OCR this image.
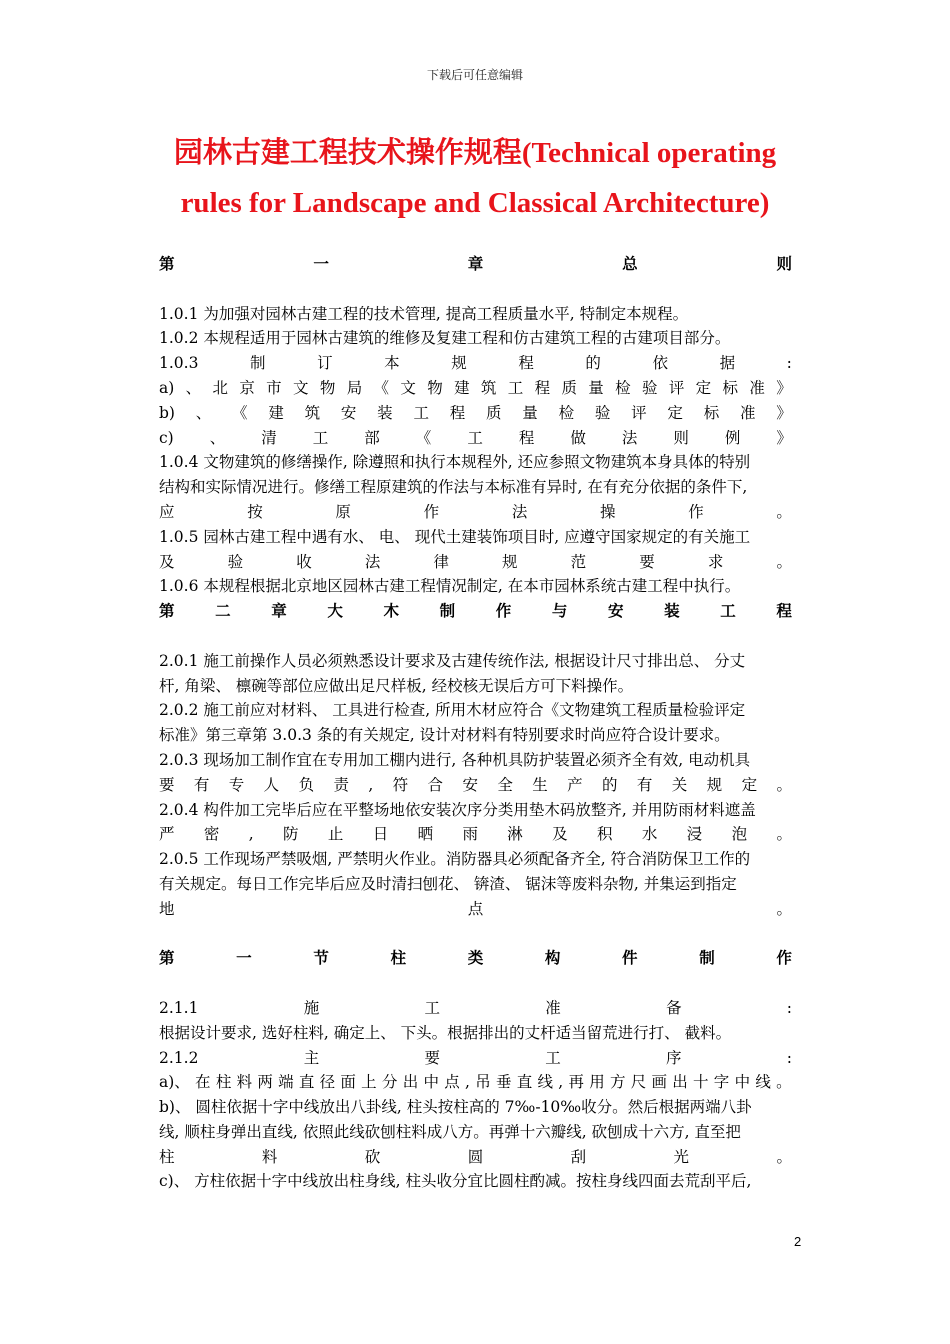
下载后可任意编辑
园林古建工程技术操作规程(Technical operating
rules for Landscape and Classical Architecture)
第	一	章	总	则
1.0.1 为加强对园林古建工程的技术管理, 提高工程质量水平, 特制定本规程。
1.0.2 本规程适用于园林古建筑的维修及复建工程和仿古建筑工程的古建项目部分。
1.0.3	制	订	本	规	程	的	依	据	:
a) 、 北 京 市 文 物 局 《 文 物 建 筑 工 程 质 量 检 验 评 定 标 准 》
b) 、 《 建 筑 安 装 工 程 质 量 检 验 评 定 标 准 》
c) 、 清 工 部 《 工 程 做 法 则 例 》
1.0.4 文物建筑的修缮操作, 除遵照和执行本规程外, 还应参照文物建筑本身具体的特别
结构和实际情况进行。修缮工程原建筑的作法与本标准有异时, 在有充分依据的条件下,
应	按	原	作	法	操	作	。
1.0.5 园林古建工程中遇有水、 电、 现代土建装饰项目时, 应遵守国家规定的有关施工
及	验	收	法	律	规	范	要	求	。
1.0.6 本规程根据北京地区园林古建工程情况制定, 在本市园林系统古建工程中执行。
第	二	章	大	木	制	作	与	安	装	工	程
2.0.1 施工前操作人员必须熟悉设计要求及古建传统作法, 根据设计尺寸排出总、 分丈
杆, 角梁、 檩碗等部位应做出足尺样板, 经校核无误后方可下料操作。
2.0.2 施工前应对材料、 工具进行检查, 所用木材应符合《文物建筑工程质量检验评定
标准》第三章第 3.0.3 条的有关规定, 设计对材料有特别要求时尚应符合设计要求。
2.0.3 现场加工制作宜在专用加工棚内进行, 各种机具防护装置必须齐全有效, 电动机具
要 有 专 人 负 责 , 符 合 安 全 生 产 的 有 关 规 定 。
2.0.4 构件加工完毕后应在平整场地依安装次序分类用垫木码放整齐, 并用防雨材料遮盖
严 密 , 防 止 日 晒 雨 淋 及 积 水 浸 泡 。
2.0.5 工作现场严禁吸烟, 严禁明火作业。消防器具必须配备齐全, 符合消防保卫工作的
有关规定。每日工作完毕后应及时清扫刨花、 锛渣、 锯沫等废料杂物, 并集运到指定
地	点	。
第	一	节	柱	类	构	件	制	作
2.1.1	施	工	准	备	:
根据设计要求, 选好柱料, 确定上、 下头。根据排出的丈杆适当留荒进行打、 截料。
2.1.2	主	要	工	序	:
a)、 在 柱 料 两 端 直 径 面 上 分 出 中 点 , 吊 垂 直 线 , 再 用 方 尺 画 出 十 字 中 线 。
b)、 圆柱依据十字中线放出八卦线, 柱头按柱高的 7‰-10‰收分。然后根据两端八卦
线, 顺柱身弹出直线, 依照此线砍刨柱料成八方。再弹十六瓣线, 砍刨成十六方, 直至把
柱	料	砍	圆	刮	光	。
c)、 方柱依据十字中线放出柱身线, 柱头收分宜比圆柱酌减。按柱身线四面去荒刮平后,
2
